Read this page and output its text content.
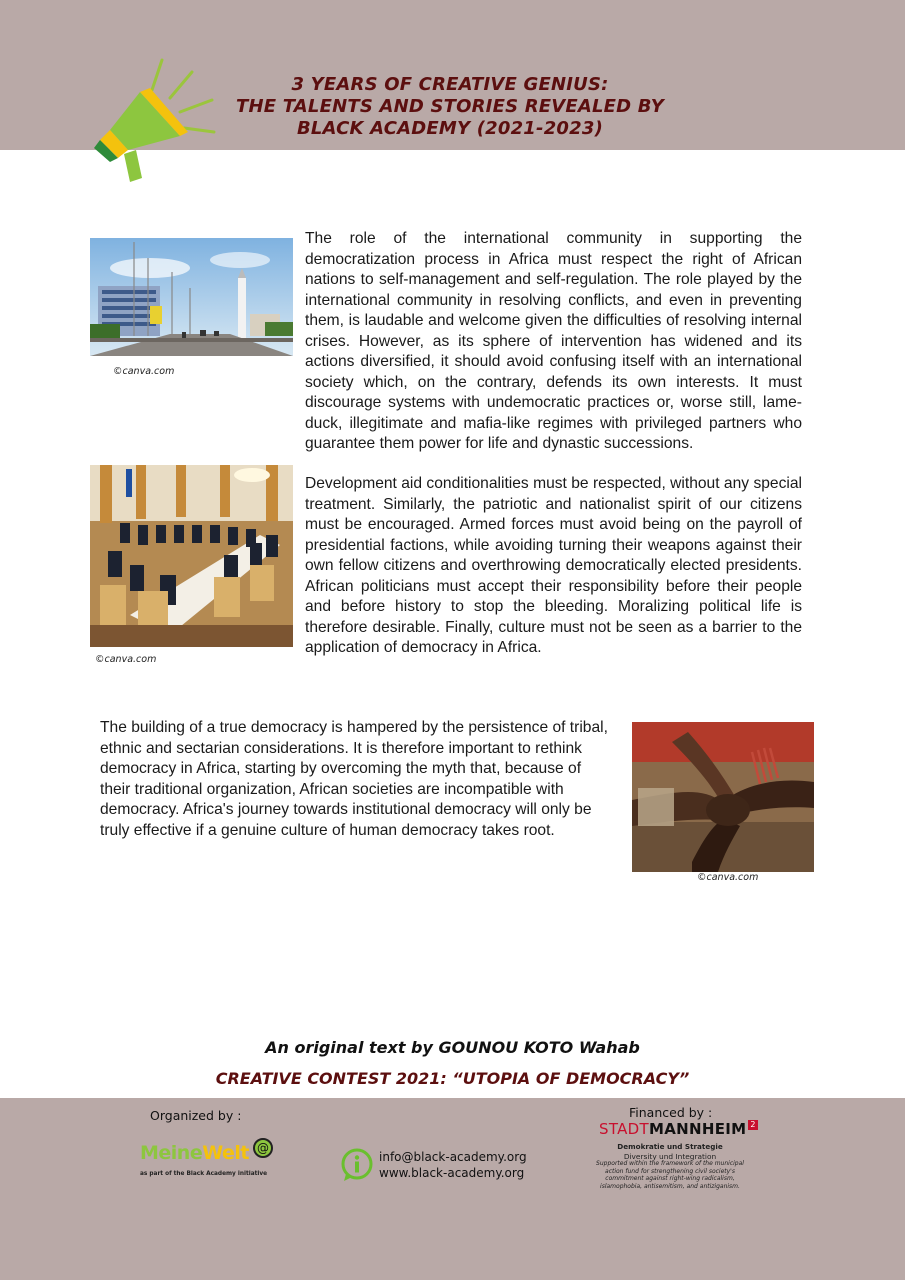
3 YEARS OF CREATIVE GENIUS:
THE TALENTS AND STORIES REVEALED BY
BLACK ACADEMY (2021-2023)
©canva.com

The role of the international community in supporting the democratization process in Africa must respect the right of African nations to self-management and self-regulation. The role played by the international community in resolving conflicts, and even in preventing them, is laudable and welcome given the difficulties of resolving internal crises. However, as its sphere of intervention has widened and its actions diversified, it should avoid confusing itself with an international society which, on the contrary, defends its own interests. It must discourage systems with undemocratic practices or, worse still, lame-duck, illegitimate and mafia-like regimes with privileged partners who guarantee them power for life and dynastic successions.

©canva.com

Development aid conditionalities must be respected, without any special treatment. Similarly, the patriotic and nationalist spirit of our citizens must be encouraged. Armed forces must avoid being on the payroll of presidential factions, while avoiding turning their weapons against their own fellow citizens and overthrowing democratically elected presidents. African politicians must accept their responsibility before their people and before history to stop the bleeding. Moralizing political life is therefore desirable. Finally, culture must not be seen as a barrier to the application of democracy in Africa.

The building of a true democracy is hampered by the persistence of tribal, ethnic and sectarian considerations. It is therefore important to rethink democracy in Africa, starting by overcoming the myth that, because of their traditional organization, African societies are incompatible with democracy. Africa's journey towards institutional democracy will only be truly effective if a genuine culture of human democracy takes root.

©canva.com
An original text by GOUNOU KOTO Wahab
CREATIVE CONTEST 2021: “UTOPIA OF DEMOCRACY”
Organized by :
MeineWelt @
as part of the Black Academy initiative
info@black-academy.org
www.black-academy.org
Financed by :
STADTMANNHEIM 2
Demokratie und Strategie
Diversity und Integration
Supported within the framework of the municipal action fund for strengthening civil society's commitment against right-wing radicalism, islamophobia, antisemitism, and antiziganism.
